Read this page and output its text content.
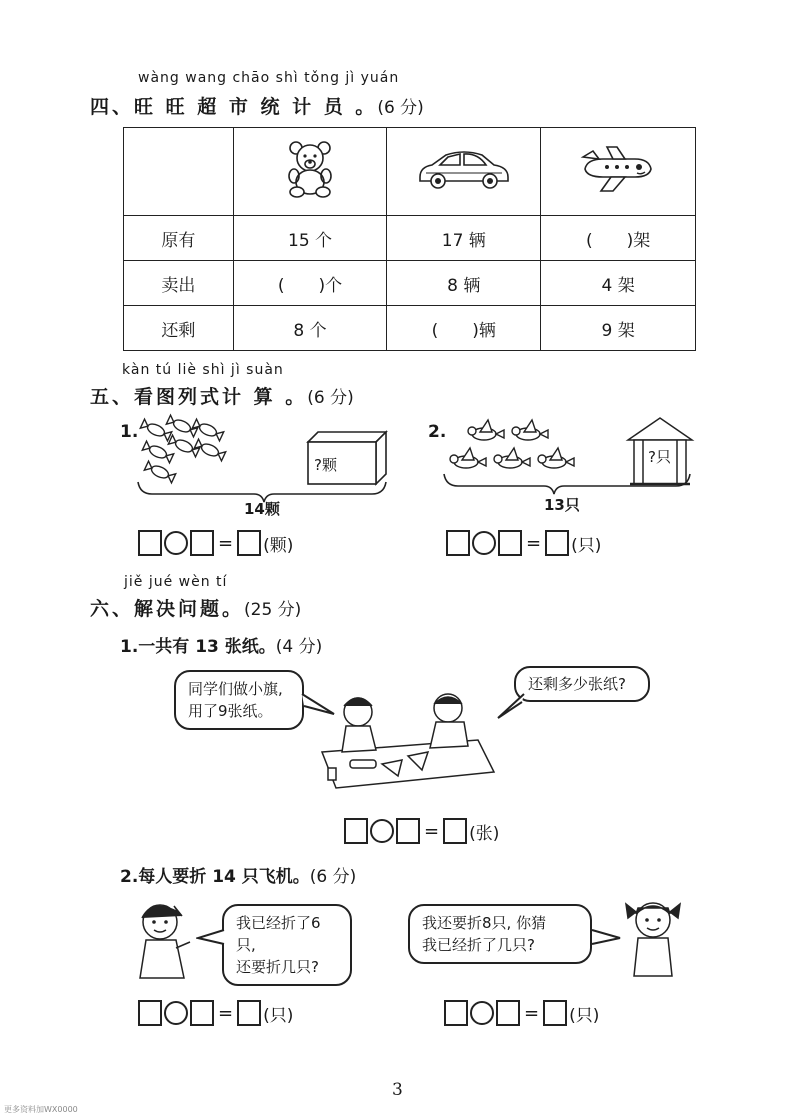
wàng wang chāo shì tǒng jì yuán
四、旺 旺 超 市 统 计 员 。(6 分)

原有	15 个	17 辆	(　　)架
卖出	(　　)个	8 辆	4 架
还剩	8 个	(　　)辆	9 架
kàn tú liè shì jì suàn
五、看图列式计 算 。(6 分)
1.
?颗
14颗
= (颗)
2.
?只
13只
= (只)
jiě jué wèn tí
六、解决问题。(25 分)
1.一共有 13 张纸。(4 分)
同学们做小旗,
用了9张纸。
还剩多少张纸?
= (张)
2.每人要折 14 只飞机。(6 分)
我已经折了6只,
还要折几只?
我还要折8只, 你猜
我已经折了几只?
= (只)	= (只)
3
更多资料加WX0000
